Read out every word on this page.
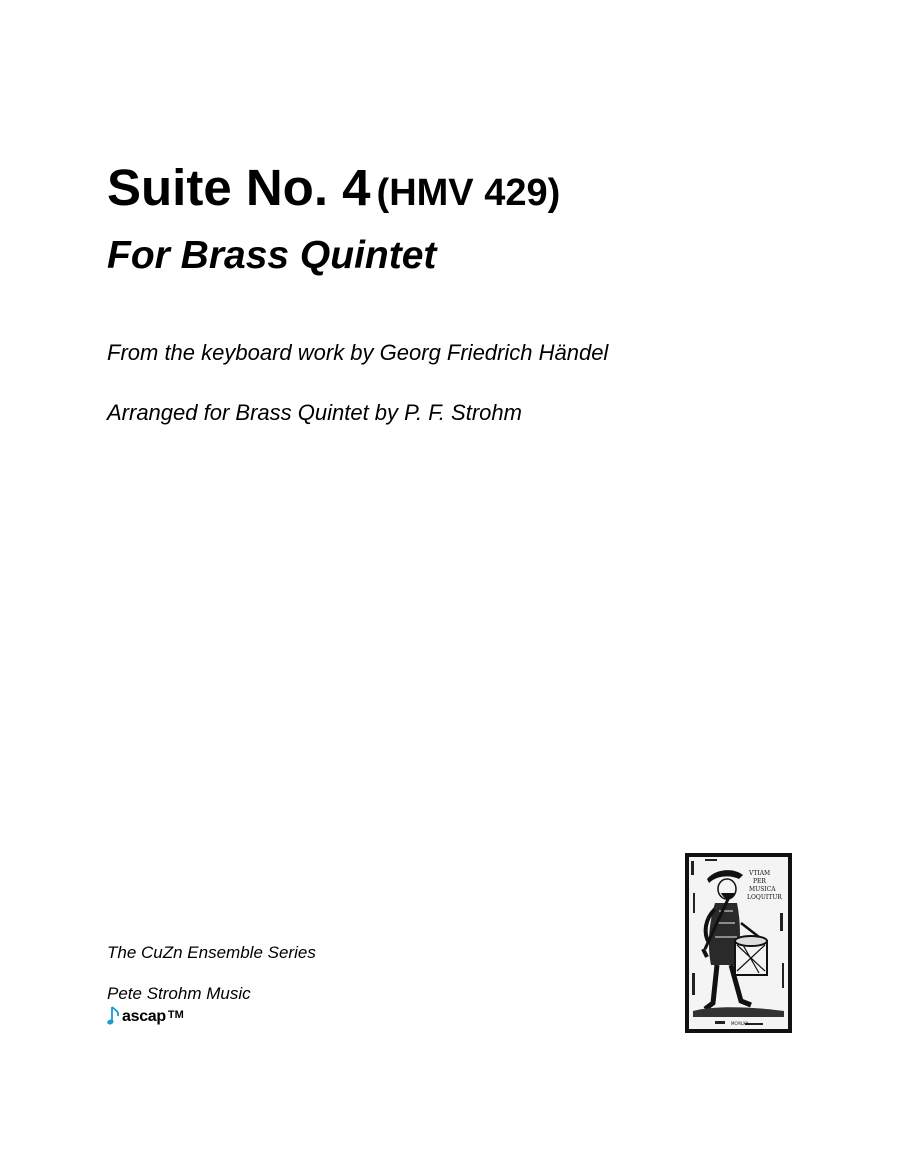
Suite No. 4 (HMV 429)
For Brass Quintet
From the keyboard work by Georg Friedrich Händel
Arranged for Brass Quintet by P. F. Strohm
The CuZn Ensemble Series
Pete Strohm Music
ascap TM
VTIAM
PER
MUSICA
LOQUITUR
MCMLXX
